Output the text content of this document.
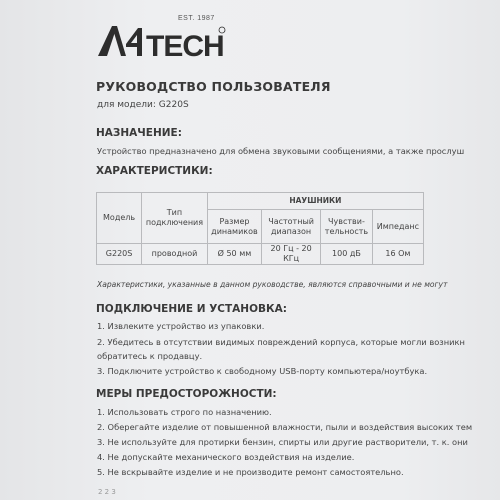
TECH
EST. 1987
РУКОВОДСТВО ПОЛЬЗОВАТЕЛЯ
для модели: G220S
НАЗНАЧЕНИЕ:
Устройство предназначено для обмена звуковыми сообщениями, а также прослуш
ХАРАКТЕРИСТИКИ:
Модель	Тип подключения	НАУШНИКИ			
		Размер динамиков	Частотный диапазон	Чувстви-тельность	Импеданс
G220S	проводной	Ø 50 мм	20 Гц - 20 КГц	100 дБ	16 Ом
Характеристики, указанные в данном руководстве, являются справочными и не могут
ПОДКЛЮЧЕНИЕ И УСТАНОВКА:
1. Извлеките устройство из упаковки.
2. Убедитесь в отсутствии видимых повреждений корпуса, которые могли возникн
обратитесь к продавцу.
3. Подключите устройство к свободному USB-порту компьютера/ноутбука.
МЕРЫ ПРЕДОСТОРОЖНОСТИ:
1. Использовать строго по назначению.
2. Оберегайте изделие от повышенной влажности, пыли и воздействия высоких тем
3. Не используйте для протирки бензин, спирты или другие растворители, т. к. они
4. Не допускайте механического воздействия на изделие.
5. Не вскрывайте изделие и не производите ремонт самостоятельно.
2 2 3
